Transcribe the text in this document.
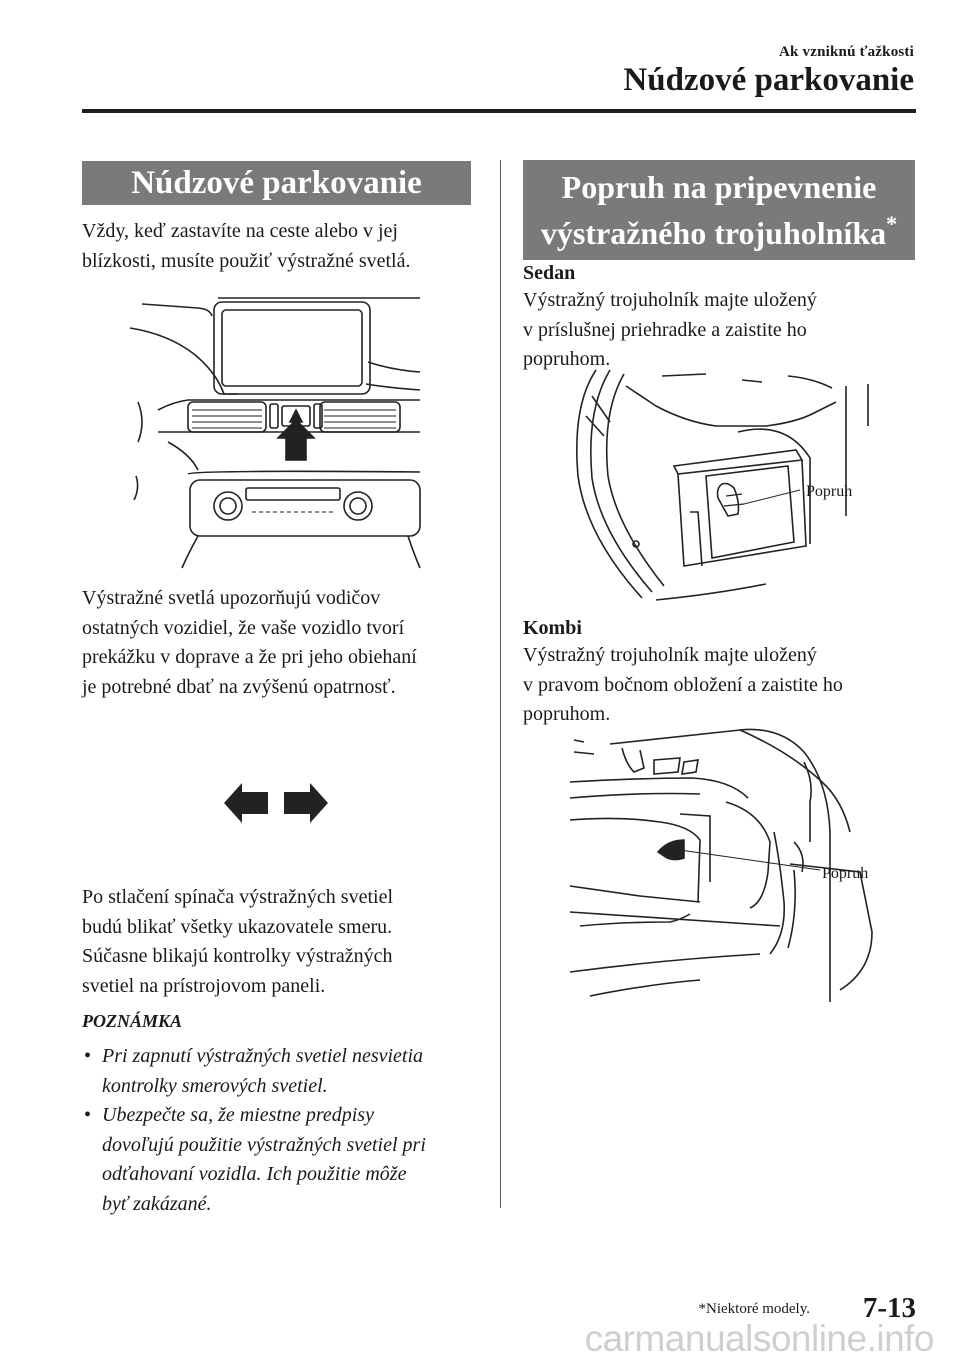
Ak vzniknú ťažkosti
Núdzové parkovanie
Núdzové parkovanie
Vždy, keď zastavíte na ceste alebo v jej
blízkosti, musíte použiť výstražné svetlá.
Výstražné svetlá upozorňujú vodičov
ostatných vozidiel, že vaše vozidlo tvorí
prekážku v doprave a že pri jeho obiehaní
je potrebné dbať na zvýšenú opatrnosť.
Po stlačení spínača výstražných svetiel
budú blikať všetky ukazovatele smeru.
Súčasne blikajú kontrolky výstražných
svetiel na prístrojovom paneli.
POZNÁMKA
• Pri zapnutí výstražných svetiel nesvietia
kontrolky smerových svetiel.
• Ubezpečte sa, že miestne predpisy
dovoľujú použitie výstražných svetiel pri
odťahovaní vozidla. Ich použitie môže
byť zakázané.
Popruh na pripevnenie
výstražného trojuholníka*
Sedan
Výstražný trojuholník majte uložený
v príslušnej priehradke a zaistite ho
popruhom.
Popruh
Kombi
Výstražný trojuholník majte uložený
v pravom bočnom obložení a zaistite ho
popruhom.
Popruh
*Niektoré modely. 7-13
carmanualsonline.info
